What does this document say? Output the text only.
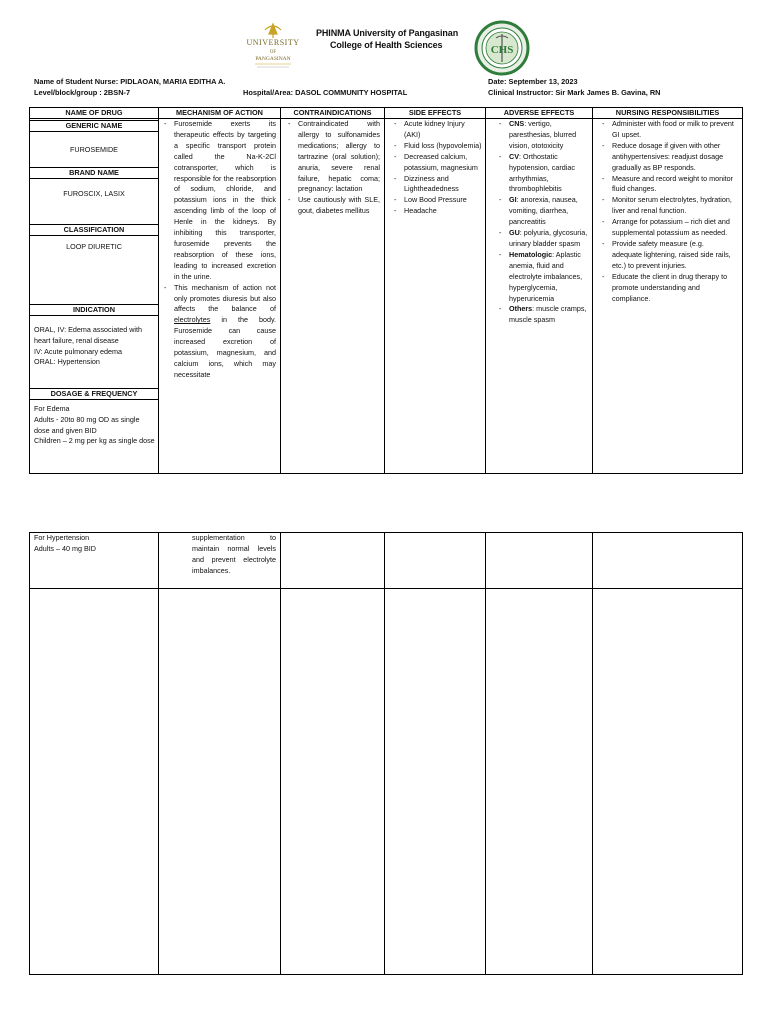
UNIVERSITY
OF
PANGASINAN
PHINMA University of Pangasinan
College of Health Sciences	CHS
Name of Student Nurse: PIDLAOAN, MARIA EDITHA A.
Level/block/group : 2BSN-7	Hospital/Area: DASOL COMMUNITY HOSPITAL
Date: September 13, 2023
Clinical Instructor: Sir Mark James B. Gavina, RN
NAME OF DRUG
GENERIC NAME
FUROSEMIDE
BRAND NAME
FUROSCIX, LASIX
CLASSIFICATION
LOOP DIURETIC
INDICATION
ORAL, IV: Edema associated with heart failure, renal disease
IV: Acute pulmonary edema
ORAL: Hypertension
DOSAGE & FREQUENCY
For Edema
Adults - 20to 80 mg OD as single dose and given BID
Children – 2 mg per kg as single dose
MECHANISM OF ACTION
- Furosemide exerts its therapeutic effects by targeting a specific transport protein called the Na-K-2Cl cotransporter, which is responsible for the reabsorption of sodium, chloride, and potassium ions in the thick ascending limb of the loop of Henle in the kidneys. By inhibiting this transporter, furosemide prevents the reabsorption of these ions, leading to increased excretion in the urine.
- This mechanism of action not only promotes diuresis but also affects the balance of electrolytes in the body. Furosemide can cause increased excretion of potassium, magnesium, and calcium ions, which may necessitate
CONTRAINDICATIONS
- Contraindicated with allergy to sulfonamides medications; allergy to tartrazine (oral solution); anuria, severe renal failure, hepatic coma; pregnancy: lactation
- Use cautiously with SLE, gout, diabetes mellitus
SIDE EFFECTS
- Acute kidney Injury (AKI)
- Fluid loss (hypovolemia)
- Decreased calcium, potassium, magnesium
- Dizziness and Lightheadedness
- Low Bood Pressure
- Headache
ADVERSE EFFECTS
- CNS: vertigo, paresthesias, blurred vision, ototoxicity
- CV: Orthostatic hypotension, cardiac arrhythmias, thrombophlebitis
- GI: anorexia, nausea, vomiting, diarrhea, pancreatitis
- GU: polyuria, glycosuria, urinary bladder spasm
- Hematologic: Aplastic anemia, fluid and electrolyte imbalances, hyperglycemia, hyperuricemia
- Others: muscle cramps, muscle spasm
NURSING RESPONSIBILITIES
- Administer with food or milk to prevent GI upset.
- Reduce dosage if given with other antihypertensives: readjust dosage gradually as BP responds.
- Measure and record weight to monitor fluid changes.
- Monitor serum electrolytes, hydration, liver and renal function.
- Arrange for potassium – rich diet and supplemental potassium as needed.
- Provide safety measure (e.g. adequate lightening, raised side rails, etc.) to prevent injuries.
- Educate the client in drug therapy to promote understanding and compliance.
For Hypertension
Adults – 40 mg BID
supplementation to maintain normal levels and prevent electrolyte imbalances.
